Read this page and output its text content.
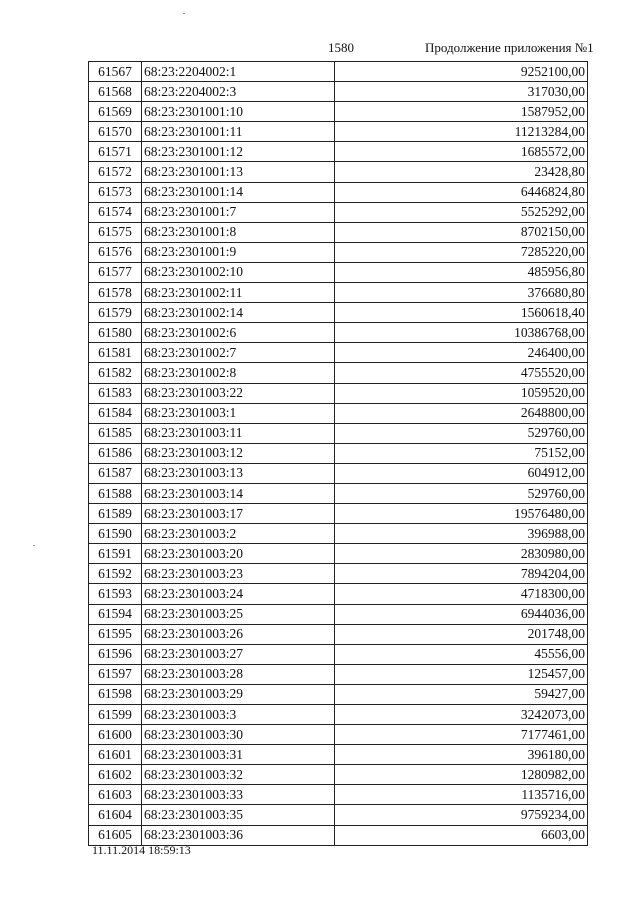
1580	Продолжение приложения №1
61567	68:23:2204002:1	9252100,00
61568	68:23:2204002:3	317030,00
61569	68:23:2301001:10	1587952,00
61570	68:23:2301001:11	11213284,00
61571	68:23:2301001:12	1685572,00
61572	68:23:2301001:13	23428,80
61573	68:23:2301001:14	6446824,80
61574	68:23:2301001:7	5525292,00
61575	68:23:2301001:8	8702150,00
61576	68:23:2301001:9	7285220,00
61577	68:23:2301002:10	485956,80
61578	68:23:2301002:11	376680,80
61579	68:23:2301002:14	1560618,40
61580	68:23:2301002:6	10386768,00
61581	68:23:2301002:7	246400,00
61582	68:23:2301002:8	4755520,00
61583	68:23:2301003:22	1059520,00
61584	68:23:2301003:1	2648800,00
61585	68:23:2301003:11	529760,00
61586	68:23:2301003:12	75152,00
61587	68:23:2301003:13	604912,00
61588	68:23:2301003:14	529760,00
61589	68:23:2301003:17	19576480,00
61590	68:23:2301003:2	396988,00
61591	68:23:2301003:20	2830980,00
61592	68:23:2301003:23	7894204,00
61593	68:23:2301003:24	4718300,00
61594	68:23:2301003:25	6944036,00
61595	68:23:2301003:26	201748,00
61596	68:23:2301003:27	45556,00
61597	68:23:2301003:28	125457,00
61598	68:23:2301003:29	59427,00
61599	68:23:2301003:3	3242073,00
61600	68:23:2301003:30	7177461,00
61601	68:23:2301003:31	396180,00
61602	68:23:2301003:32	1280982,00
61603	68:23:2301003:33	1135716,00
61604	68:23:2301003:35	9759234,00
61605	68:23:2301003:36	6603,00
11.11.2014 18:59:13
